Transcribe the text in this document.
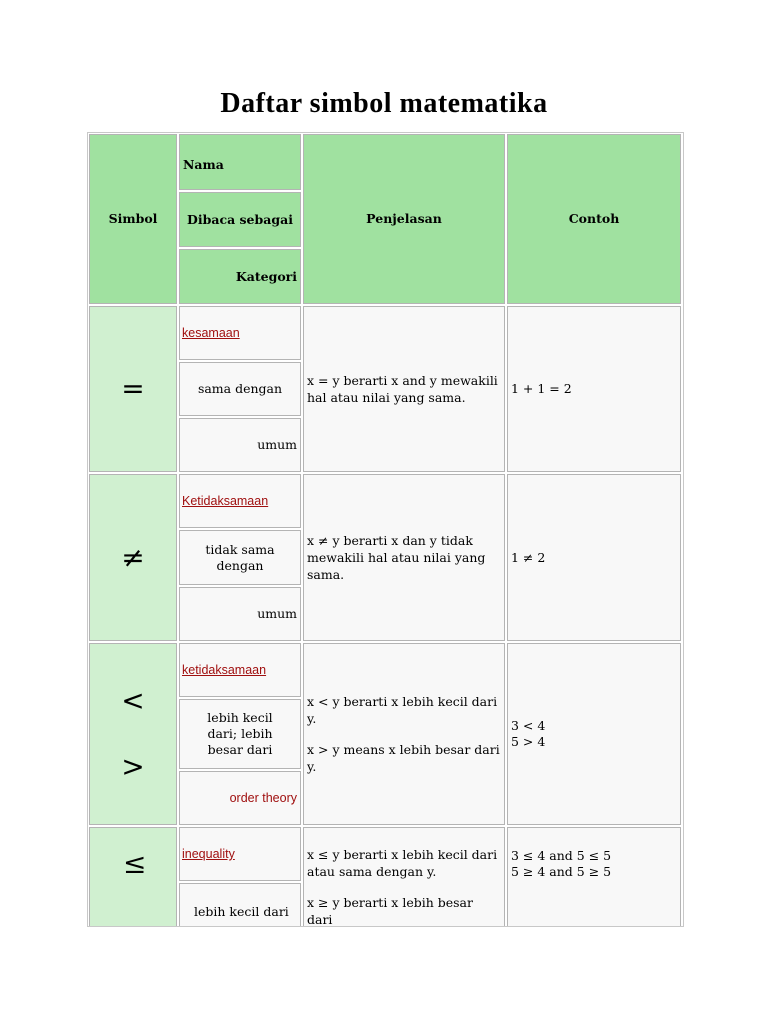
Daftar simbol matematika
Simbol
Nama
Dibaca sebagai
Kategori
Penjelasan	Contoh
=
kesamaan
sama dengan
umum

x = y berarti x and y mewakili hal atau nilai yang sama.

1 + 1 = 2
≠
Ketidaksamaan
tidak sama dengan
umum

x ≠ y berarti x dan y tidak mewakili hal atau nilai yang sama.

1 ≠ 2
<
>
ketidaksamaan
lebih kecil dari; lebih besar dari
order theory

x < y berarti x lebih kecil dari y.

x > y means x lebih besar dari y.

3 < 4
5 > 4
≤	inequality
lebih kecil dari

x ≤ y berarti x lebih kecil dari atau sama dengan y.

x ≥ y berarti x lebih besar dari

3 ≤ 4 and 5 ≤ 5
5 ≥ 4 and 5 ≥ 5
